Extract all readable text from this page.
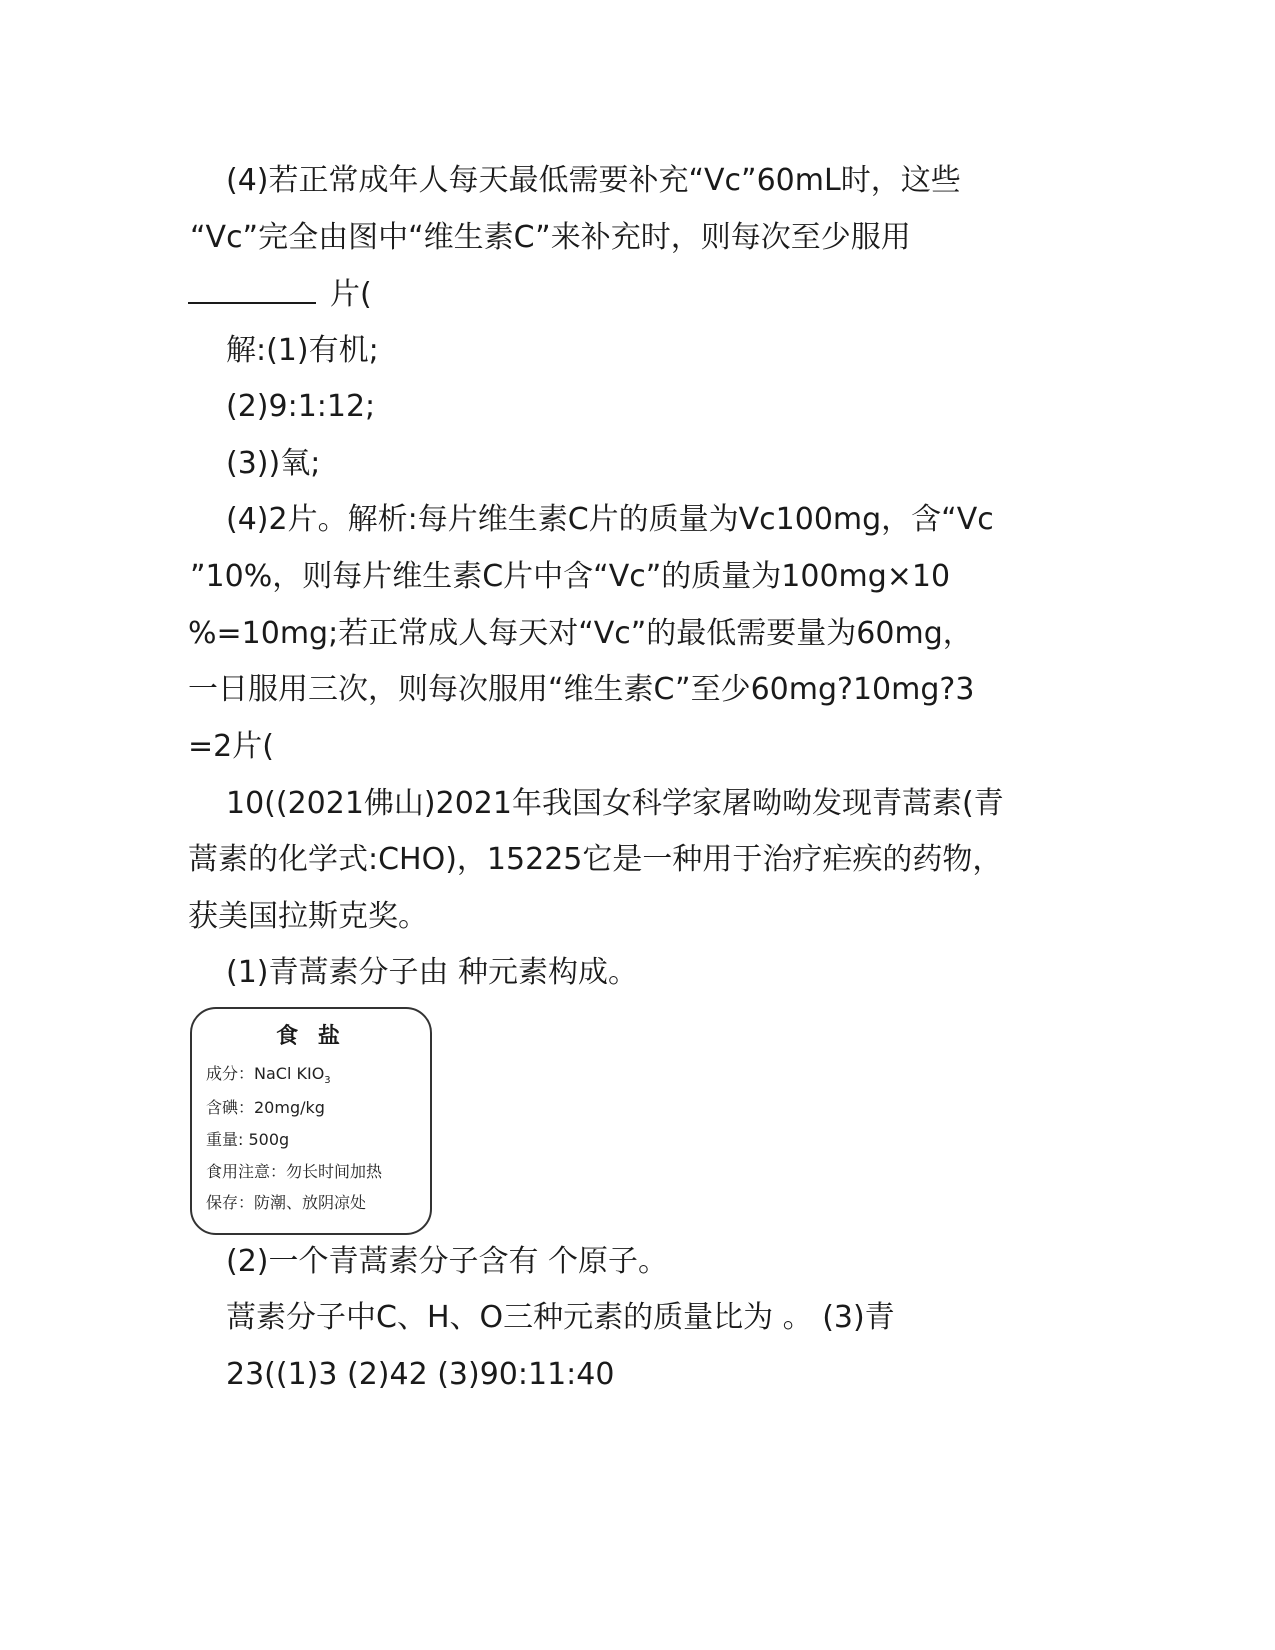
(4)若正常成年人每天最低需要补充“Vc”60mL时，这些
“Vc”完全由图中“维生素C”来补充时，则每次至少服用
片(
解:(1)有机;
(2)9:1:12;
(3))氧;
(4)2片。解析:每片维生素C片的质量为Vc100mg，含“Vc
”10%，则每片维生素C片中含“Vc”的质量为100mg×10
%=10mg;若正常成人每天对“Vc”的最低需要量为60mg，
一日服用三次，则每次服用“维生素C”至少60mg?10mg?3
=2片(
10((2021佛山)2021年我国女科学家屠呦呦发现青蒿素(青
蒿素的化学式:CHO)，15225它是一种用于治疗疟疾的药物，
获美国拉斯克奖。
(1)青蒿素分子由 种元素构成。
食 盐
成分：NaCl $KIO_3$
含碘：20mg/kg
重量: 500g
食用注意：勿长时间加热
保存：防潮、放阴凉处
(2)一个青蒿素分子含有 个原子。
蒿素分子中C、H、O三种元素的质量比为 。 (3)青
23((1)3 (2)42 (3)90:11:40
